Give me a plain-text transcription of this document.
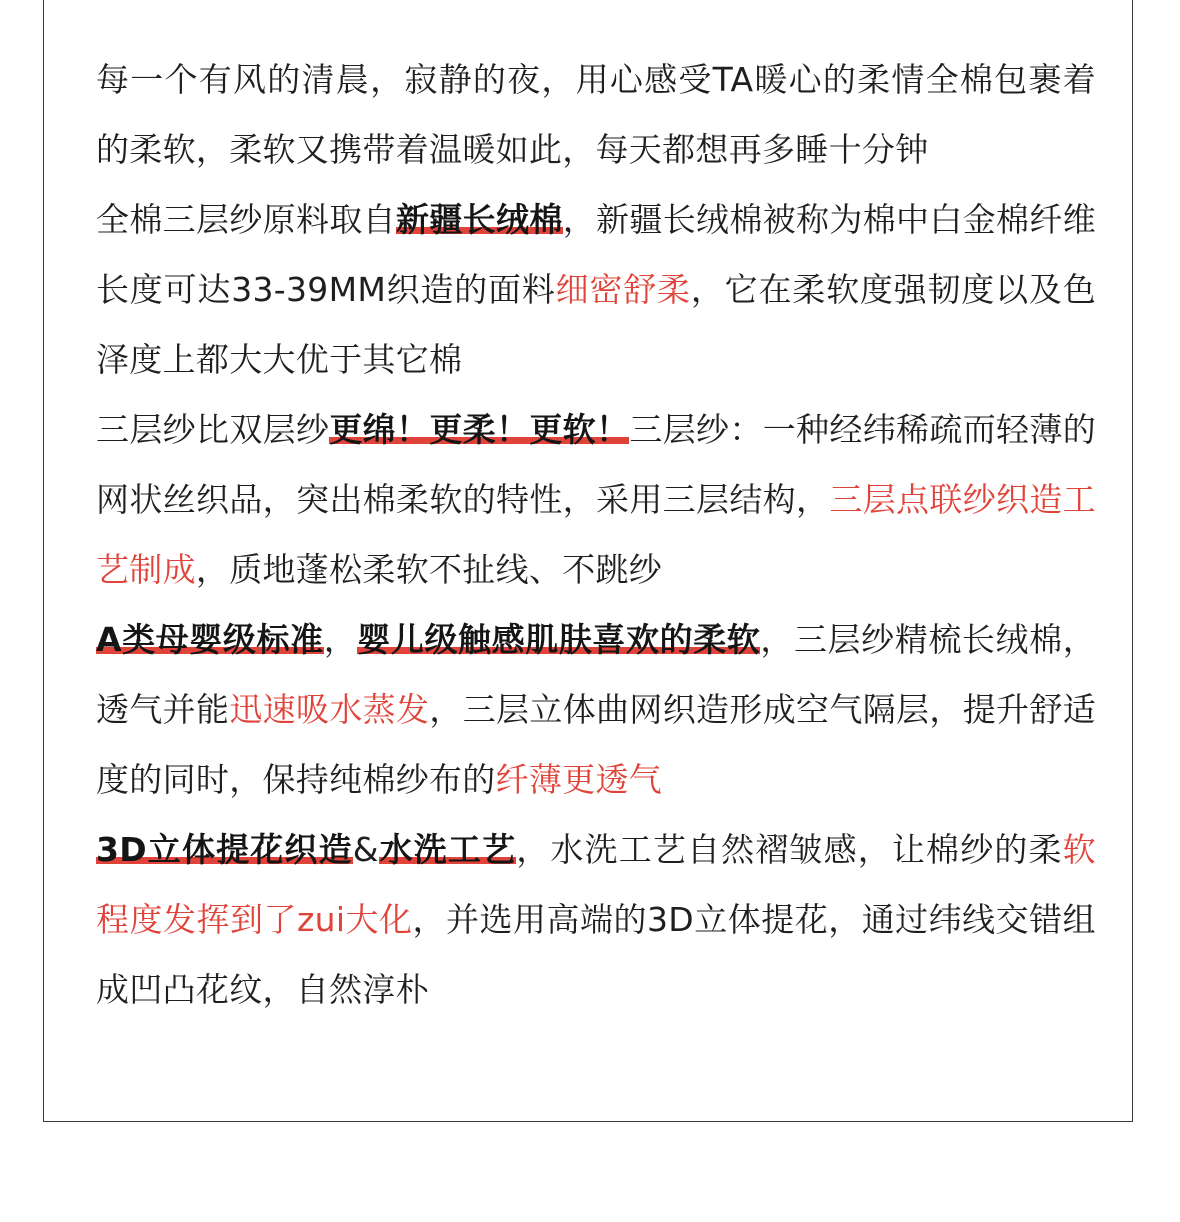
每一个有风的清晨，寂静的夜，用心感受TA暖心的柔情全棉包裹着的柔软，柔软又携带着温暖如此，每天都想再多睡十分钟

全棉三层纱原料取自新疆长绒棉，新疆长绒棉被称为棉中白金棉纤维长度可达33-39MM织造的面料细密舒柔，它在柔软度强韧度以及色泽度上都大大优于其它棉

三层纱比双层纱更绵！更柔！更软！三层纱：一种经纬稀疏而轻薄的网状丝织品，突出棉柔软的特性，采用三层结构，三层点联纱织造工艺制成，质地蓬松柔软不扯线、不跳纱

A类母婴级标准，婴儿级触感肌肤喜欢的柔软，三层纱精梳长绒棉，透气并能迅速吸水蒸发，三层立体曲网织造形成空气隔层，提升舒适度的同时，保持纯棉纱布的纤薄更透气

3D立体提花织造&水洗工艺，水洗工艺自然褶皱感，让棉纱的柔软程度发挥到了zui大化，并选用高端的3D立体提花，通过纬线交错组成凹凸花纹，自然淳朴
